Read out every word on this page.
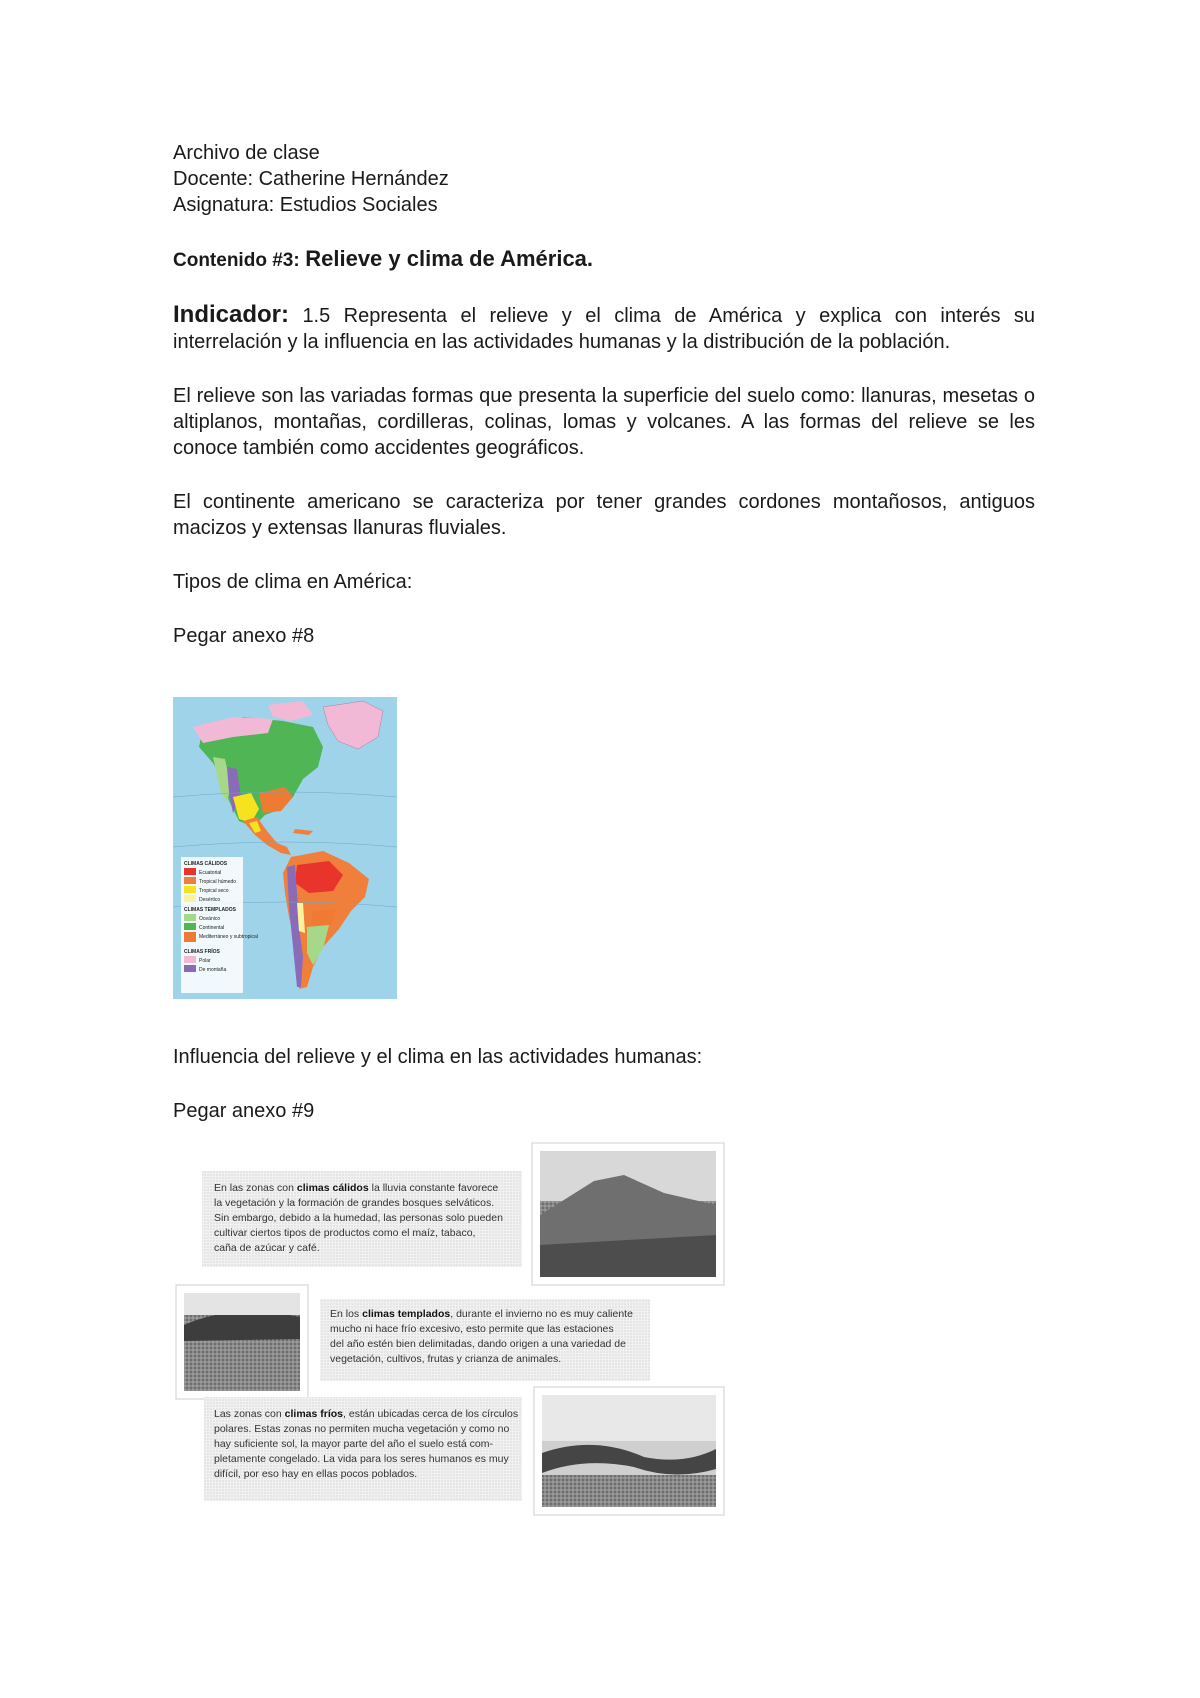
Archivo de clase

Docente: Catherine Hernández

Asignatura: Estudios Sociales

Contenido #3: Relieve y clima de América.

Indicador: 1.5 Representa el relieve y el clima de América y explica con interés su interrelación y la influencia en las actividades humanas y la distribución de la población.

El relieve son las variadas formas que presenta la superficie del suelo como: llanuras, mesetas o altiplanos, montañas, cordilleras, colinas, lomas y volcanes. A las formas del relieve se les conoce también como accidentes geográficos.

El continente americano se caracteriza por tener grandes cordones montañosos, antiguos macizos y extensas llanuras fluviales.

Tipos de clima en América:

Pegar anexo #8

CLIMAS CÁLIDOS
Ecuatorial
Tropical húmedo
Tropical seco
Desértico
CLIMAS TEMPLADOS
Oceánico
Continental
Mediterráneo y subtropical
CLIMAS FRÍOS
Polar
De montaña

Influencia del relieve y el clima en las actividades humanas:

Pegar anexo #9

En las zonas con climas cálidos la lluvia constante favorece
la vegetación y la formación de grandes bosques selváticos.
Sin embargo, debido a la humedad, las personas solo pueden
cultivar ciertos tipos de productos como el maíz, tabaco,
caña de azúcar y café.
En los climas templados, durante el invierno no es muy caliente
mucho ni hace frío excesivo, esto permite que las estaciones
del año estén bien delimitadas, dando origen a una variedad de
vegetación, cultivos, frutas y crianza de animales.
Las zonas con climas fríos, están ubicadas cerca de los círculos
polares. Estas zonas no permiten mucha vegetación y como no
hay suficiente sol, la mayor parte del año el suelo está com-
pletamente congelado. La vida para los seres humanos es muy
difícil, por eso hay en ellas pocos poblados.
